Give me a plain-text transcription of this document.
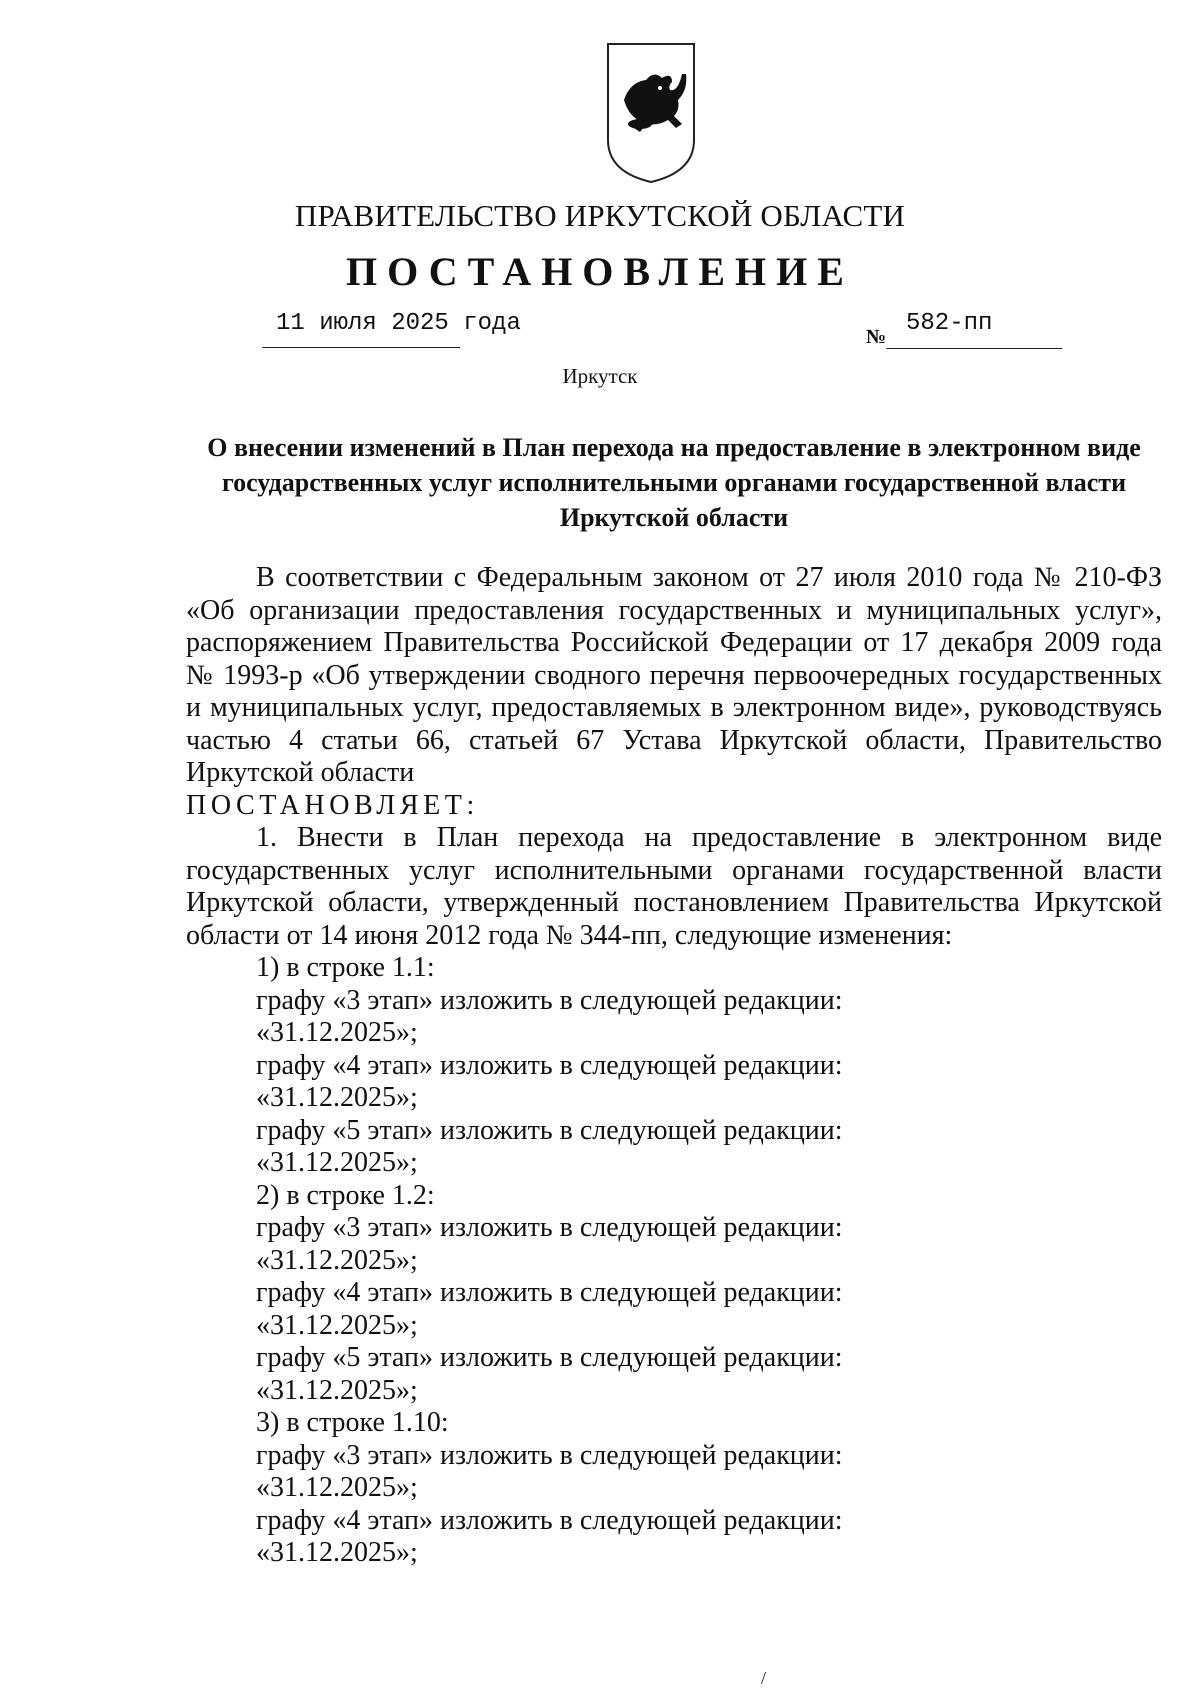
ПРАВИТЕЛЬСТВО ИРКУТСКОЙ ОБЛАСТИ
ПОСТАНОВЛЕНИЕ
11 июля 2025 года	№ 582-пп
Иркутск
О внесении изменений в План перехода на предоставление в электронном виде государственных услуг исполнительными органами государственной власти Иркутской области

В соответствии с Федеральным законом от 27 июля 2010 года № 210-ФЗ «Об организации предоставления государственных и муниципальных услуг», распоряжением Правительства Российской Федерации от 17 декабря 2009 года № 1993-р «Об утверждении сводного перечня первоочередных государственных и муниципальных услуг, предоставляемых в электронном виде», руководствуясь частью 4 статьи 66, статьей 67 Устава Иркутской области, Правительство Иркутской области

ПОСТАНОВЛЯЕТ:

1. Внести в План перехода на предоставление в электронном виде государственных услуг исполнительными органами государственной власти Иркутской области, утвержденный постановлением Правительства Иркутской области от 14 июня 2012 года № 344-пп, следующие изменения:

1) в строке 1.1:

графу «3 этап» изложить в следующей редакции:

«31.12.2025»;

графу «4 этап» изложить в следующей редакции:

«31.12.2025»;

графу «5 этап» изложить в следующей редакции:

«31.12.2025»;

2) в строке 1.2:

графу «3 этап» изложить в следующей редакции:

«31.12.2025»;

графу «4 этап» изложить в следующей редакции:

«31.12.2025»;

графу «5 этап» изложить в следующей редакции:

«31.12.2025»;

3) в строке 1.10:

графу «3 этап» изложить в следующей редакции:

«31.12.2025»;

графу «4 этап» изложить в следующей редакции:

«31.12.2025»;

/
